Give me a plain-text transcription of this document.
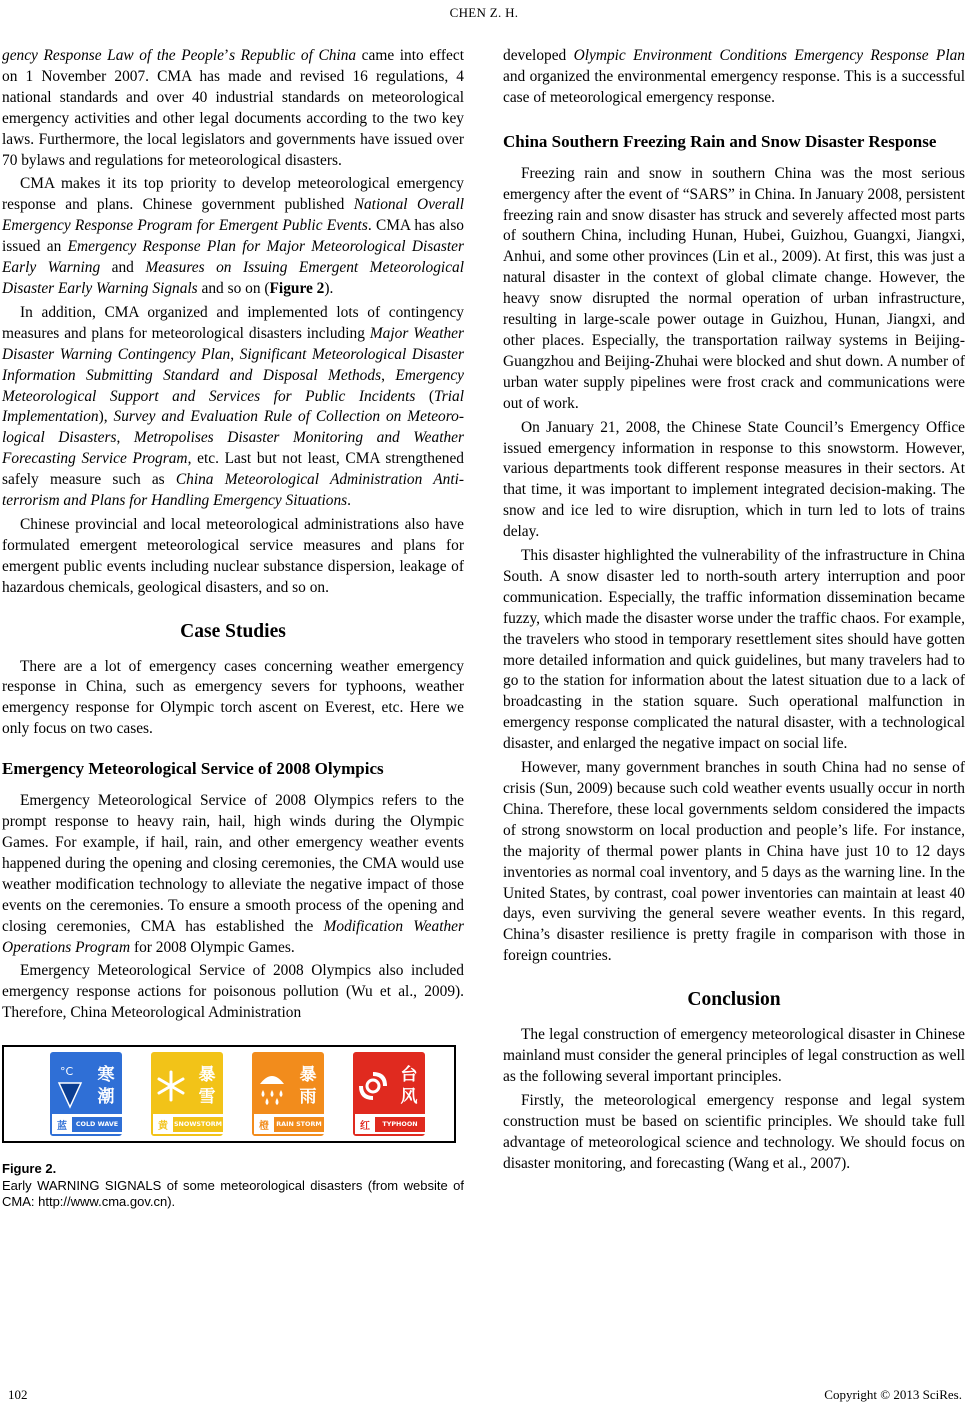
CHEN Z. H.

gency Response Law of the People’s Republic of China came into effect on 1 November 2007. CMA has made and revised 16 regulations, 4 national standards and over 40 industrial standards on meteorological emergency activities and other legal documents according to the two key laws. Furthermore, the local legislators and governments have issued over 70 bylaws and regulations for meteorological disasters.

CMA makes it its top priority to develop meteorological emergency response and plans. Chinese government published National Overall Emergency Response Program for Emergent Public Events. CMA has also issued an Emergency Response Plan for Major Meteorological Disaster Early Warning and Measures on Issuing Emergent Meteorological Disaster Early Warning Signals and so on (Figure 2).

In addition, CMA organized and implemented lots of contingency measures and plans for meteorological disasters including Major Weather Disaster Warning Contingency Plan, Significant Meteorological Disaster Information Submitting Standard and Disposal Methods, Emergency Meteorological Support and Services for Public Incidents (Trial Implementation), Survey and Evaluation Rule of Collection on Meteoro-logical Disasters, Metropolises Disaster Monitoring and Weather Forecasting Service Program, etc. Last but not least, CMA strengthened safely measure such as China Meteorological Administration Anti-terrorism and Plans for Handling Emergency Situations.

Chinese provincial and local meteorological administrations also have formulated emergent meteorological service measures and plans for emergent public events including nuclear substance dispersion, leakage of hazardous chemicals, geological disasters, and so on.

Case Studies

There are a lot of emergency cases concerning weather emergency response in China, such as emergency severs for typhoons, weather emergency response for Olympic torch ascent on Everest, etc. Here we only focus on two cases.

Emergency Meteorological Service of 2008 Olympics

Emergency Meteorological Service of 2008 Olympics refers to the prompt response to heavy rain, hail, high winds during the Olympic Games. For example, if hail, rain, and other emergency weather events happened during the opening and closing ceremonies, the CMA would use weather modification technology to alleviate the negative impact of those events on the ceremonies. To ensure a smooth process of the opening and closing ceremonies, CMA has established the Modification Weather Operations Program for 2008 Olympic Games.

Emergency Meteorological Service of 2008 Olympics also included emergency response actions for poisonous pollution (Wu et al., 2009). Therefore, China Meteorological Administration

°C 寒
潮
蓝	COLD WAVE
暴
雪
黄 SNOWSTORM
暴
雨
橙	RAIN STORM
台
风
红	TYPHOON
Figure 2.
Early WARNING SIGNALS of some meteorological disasters (from website of CMA: http://www.cma.gov.cn).

developed Olympic Environment Conditions Emergency Response Plan and organized the environmental emergency response. This is a successful case of meteorological emergency response.

China Southern Freezing Rain and Snow Disaster Response

Freezing rain and snow in southern China was the most serious emergency after the event of “SARS” in China. In January 2008, persistent freezing rain and snow disaster has struck and severely affected most parts of southern China, including Hunan, Hubei, Guizhou, Guangxi, Jiangxi, Anhui, and some other provinces (Lin et al., 2009). At first, this was just a natural disaster in the context of global climate change. However, the heavy snow disrupted the normal operation of urban infrastructure, resulting in large-scale power outage in Guizhou, Hunan, Jiangxi, and other places. Especially, the transportation railway systems in Beijing-Guangzhou and Beijing-Zhuhai were blocked and shut down. A number of urban water supply pipelines were frost crack and communications were out of work.

On January 21, 2008, the Chinese State Council’s Emergency Office issued emergency information in response to this snowstorm. However, various departments took different response measures in their sectors. At that time, it was important to implement integrated decision-making. The snow and ice led to wire disruption, which in turn led to lots of trains delay.

This disaster highlighted the vulnerability of the infrastructure in China South. A snow disaster led to north-south artery interruption and poor communication. Especially, the traffic information dissemination became fuzzy, which made the disaster worse under the traffic chaos. For example, the travelers who stood in temporary resettlement sites should have gotten more detailed information and quick guidelines, but many travelers had to go to the station for information about the latest situation due to a lack of broadcasting in the station square. Such operational malfunction in emergency response complicated the natural disaster, with a technological disaster, and enlarged the negative impact on social life.

However, many government branches in south China had no sense of crisis (Sun, 2009) because such cold weather events usually occur in north China. Therefore, these local governments seldom considered the impacts of strong snowstorm on local production and people’s life. For instance, the majority of thermal power plants in China have just 10 to 12 days inventories as normal coal inventory, and 5 days as the warning line. In the United States, by contrast, coal power inventories can maintain at least 40 days, even surviving the general severe weather events. In this regard, China’s disaster resilience is pretty fragile in comparison with those in foreign countries.

Conclusion

The legal construction of emergency meteorological disaster in Chinese mainland must consider the general principles of legal construction as well as the following several important principles.

Firstly, the meteorological emergency response and legal system construction must be based on scientific principles. We should take full advantage of meteorological science and technology. We should focus on disaster monitoring, and forecasting (Wang et al., 2007).

102	Copyright © 2013 SciRes.
